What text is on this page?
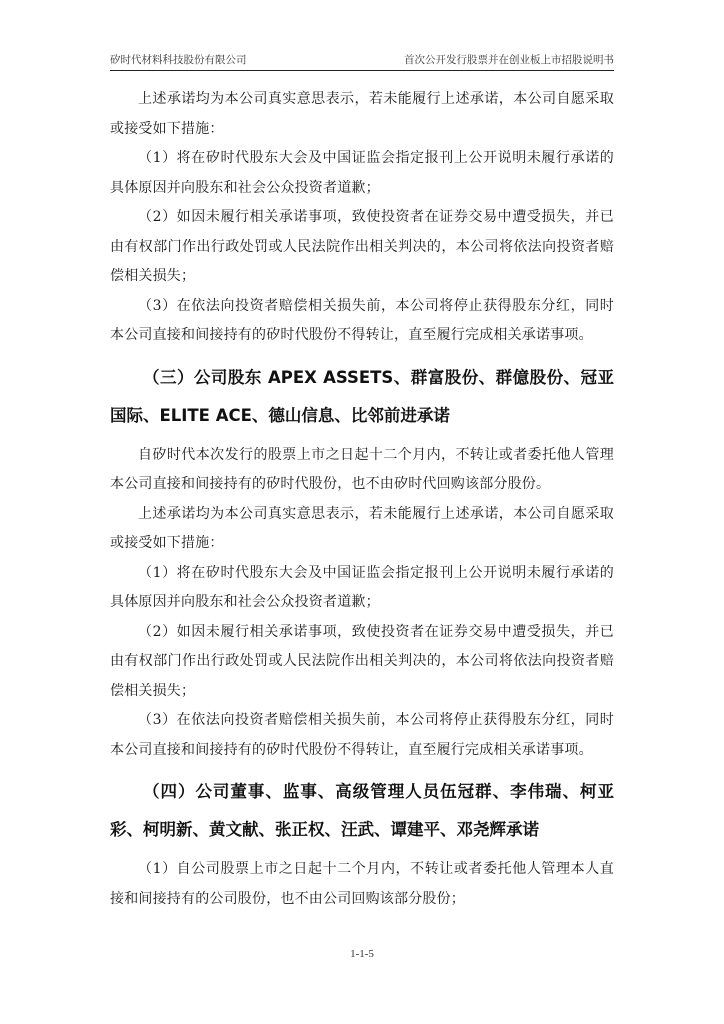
矽时代材料科技股份有限公司	首次公开发行股票并在创业板上市招股说明书

上述承诺均为本公司真实意思表示，若未能履行上述承诺，本公司自愿采取或接受如下措施：

（1）将在矽时代股东大会及中国证监会指定报刊上公开说明未履行承诺的具体原因并向股东和社会公众投资者道歉；

（2）如因未履行相关承诺事项，致使投资者在证券交易中遭受损失，并已由有权部门作出行政处罚或人民法院作出相关判决的，本公司将依法向投资者赔偿相关损失；

（3）在依法向投资者赔偿相关损失前，本公司将停止获得股东分红，同时本公司直接和间接持有的矽时代股份不得转让，直至履行完成相关承诺事项。

（三）公司股东 APEX ASSETS、群富股份、群億股份、冠亚国际、ELITE ACE、德山信息、比邻前进承诺

自矽时代本次发行的股票上市之日起十二个月内，不转让或者委托他人管理本公司直接和间接持有的矽时代股份，也不由矽时代回购该部分股份。

上述承诺均为本公司真实意思表示，若未能履行上述承诺，本公司自愿采取或接受如下措施：

（1）将在矽时代股东大会及中国证监会指定报刊上公开说明未履行承诺的具体原因并向股东和社会公众投资者道歉；

（2）如因未履行相关承诺事项，致使投资者在证券交易中遭受损失，并已由有权部门作出行政处罚或人民法院作出相关判决的，本公司将依法向投资者赔偿相关损失；

（3）在依法向投资者赔偿相关损失前，本公司将停止获得股东分红，同时本公司直接和间接持有的矽时代股份不得转让，直至履行完成相关承诺事项。

（四）公司董事、监事、高级管理人员伍冠群、李伟瑞、柯亚彩、柯明新、黄文献、张正权、汪武、谭建平、邓尧辉承诺

（1）自公司股票上市之日起十二个月内，不转让或者委托他人管理本人直接和间接持有的公司股份，也不由公司回购该部分股份；

1-1-5
